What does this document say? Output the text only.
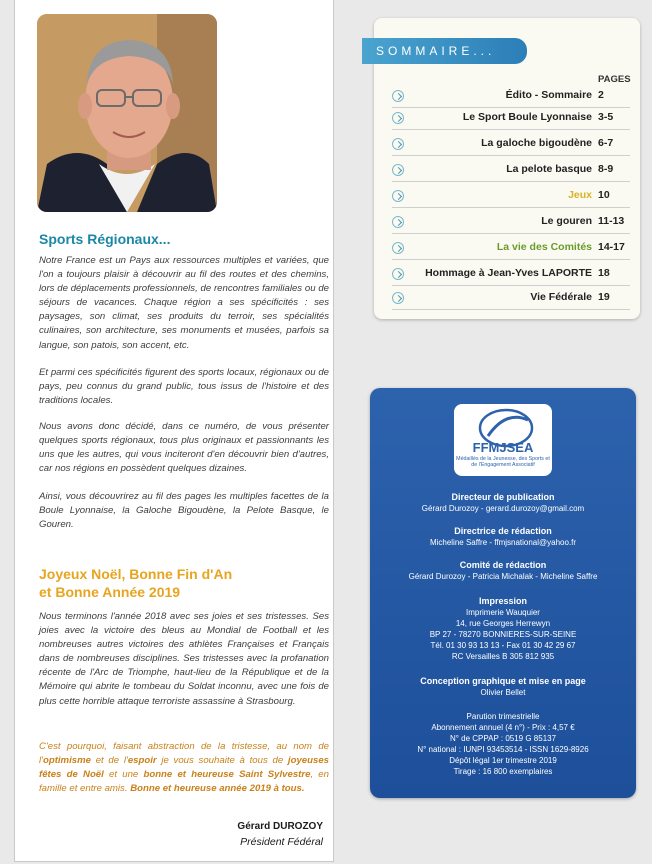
Sports Régionaux...

Notre France est un Pays aux ressources multiples et variées, que l'on a toujours plaisir à découvrir au fil des routes et des chemins, lors de déplacements professionnels, de rencontres familiales ou de séjours de vacances. Chaque région a ses spécificités : ses paysages, son climat, ses produits du terroir, ses spécialités culinaires, son architecture, ses monuments et musées, parfois sa langue, son patois, son accent, etc.

Et parmi ces spécificités figurent des sports locaux, régionaux ou de pays, peu connus du grand public, tous issus de l'histoire et des traditions locales.

Nous avons donc décidé, dans ce numéro, de vous présenter quelques sports régionaux, tous plus originaux et passionnants les uns que les autres, qui vous inciteront d'en découvrir bien d'autres, car nos régions en possèdent quelques dizaines.

Ainsi, vous découvrirez au fil des pages les multiples facettes de la Boule Lyonnaise, la Galoche Bigoudène, la Pelote Basque, le Gouren.

Joyeux Noël, Bonne Fin d'An
et Bonne Année 2019

Nous terminons l'année 2018 avec ses joies et ses tristesses. Ses joies avec la victoire des bleus au Mondial de Football et les nombreuses autres victoires des athlètes Françaises et Français dans de nombreuses disciplines. Ses tristesses avec la profanation récente de l'Arc de Triomphe, haut-lieu de la République et de la Mémoire qui abrite le tombeau du Soldat inconnu, avec une fois de plus cette horrible attaque terroriste assassine à Strasbourg.

C'est pourquoi, faisant abstraction de la tristesse, au nom de l'optimisme et de l'espoir je vous souhaite à tous de joyeuses fêtes de Noël et une bonne et heureuse Saint Sylvestre, en famille et entre amis. Bonne et heureuse année 2019 à tous.

Gérard DUROZOY
Président Fédéral
SOMMAIRE...
PAGES
Édito - Sommaire 2
Le Sport Boule Lyonnaise 3-5
La galoche bigoudène 6-7
La pelote basque 8-9
Jeux 10
Le gouren 11-13
La vie des Comités 14-17
Hommage à Jean-Yves LAPORTE 18
Vie Fédérale 19
FFMJSEA
Médaillés de la Jeunesse, des Sports et de l'Engagement Associatif
Directeur de publication
Gérard Durozoy - gerard.durozoy@gmail.com
Directrice de rédaction
Micheline Saffre - ffmjsnational@yahoo.fr
Comité de rédaction
Gérard Durozoy - Patricia Michalak - Micheline Saffre
Impression
Imprimerie Wauquier
14, rue Georges Herrewyn
BP 27 - 78270 BONNIERES-SUR-SEINE
Tél. 01 30 93 13 13 - Fax 01 30 42 29 67
RC Versailles B 305 812 935
Conception graphique et mise en page
Olivier Bellet
Parution trimestrielle
Abonnement annuel (4 n°) - Prix : 4,57 €
N° de CPPAP : 0519 G 85137
N° national : IUNPI 93453514 - ISSN 1629-8926
Dépôt légal 1er trimestre 2019
Tirage : 16 800 exemplaires
